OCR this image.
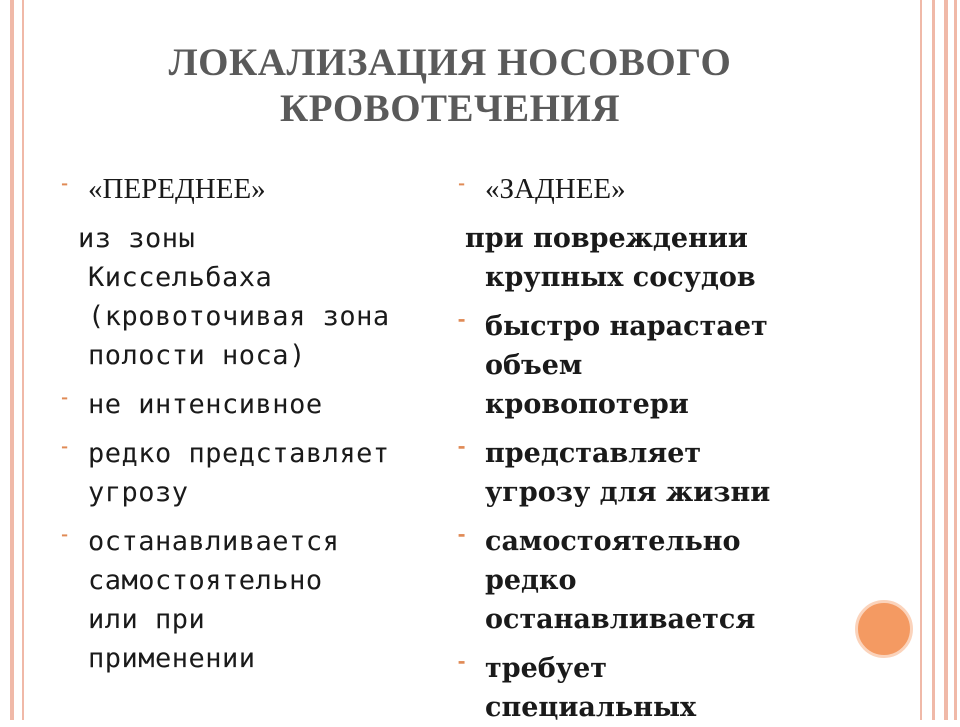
ЛОКАЛИЗАЦИЯ НОСОВОГО
КРОВОТЕЧЕНИЯ
⁃ «ПЕРЕДНЕЕ»
из зоны
Киссельбаха
(кровоточивая зона
полости носа)
⁃ не интенсивное
⁃ редко представляет
угрозу
⁃ останавливается
самостоятельно
или при
применении
⁃ «ЗАДНЕЕ»
при повреждении
крупных сосудов
⁃ быстро нарастает
объем
кровопотери
⁃ представляет
угрозу для жизни
⁃ самостоятельно
редко
останавливается
⁃ требует
специальных
